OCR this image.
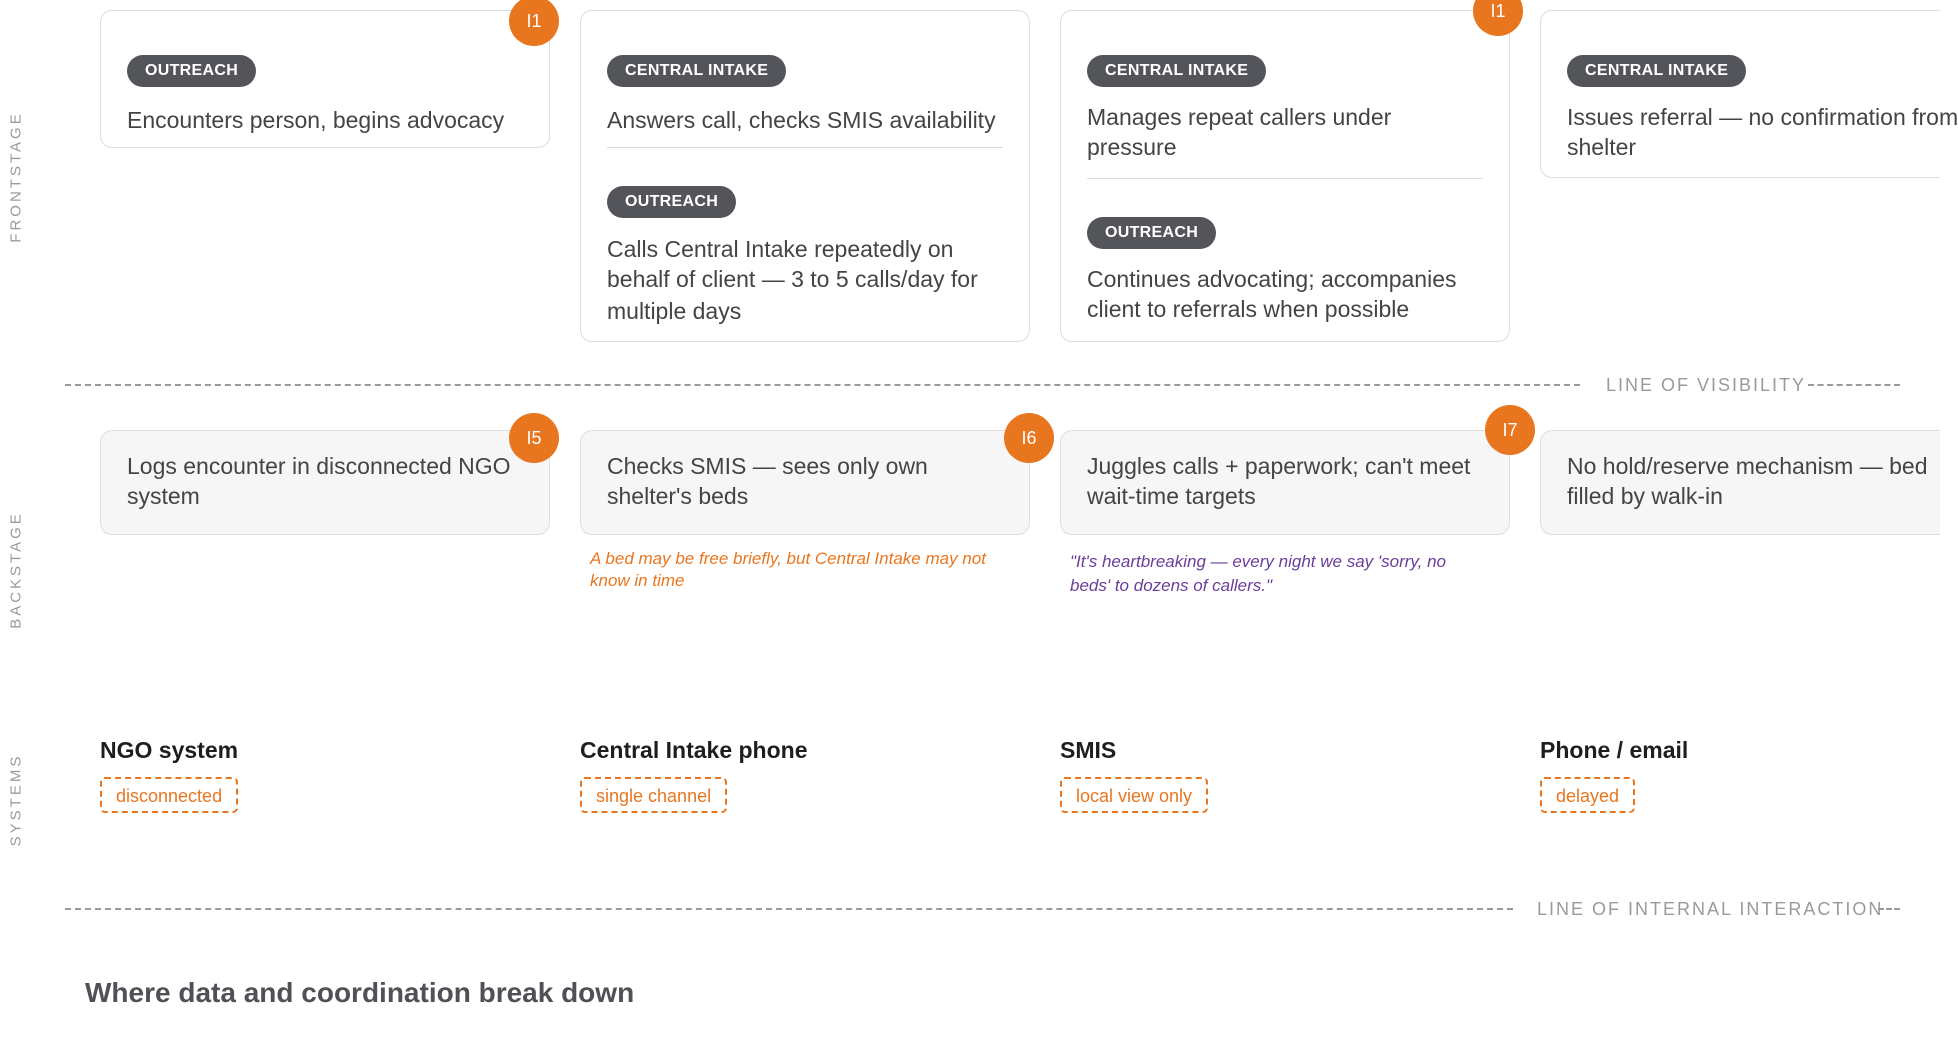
FRONTSTAGE
BACKSTAGE
SYSTEMS
OUTREACH
Encounters person, begins advocacy
I1
CENTRAL INTAKE
Answers call, checks SMIS availability
OUTREACH
Calls Central Intake repeatedly on
behalf of client — 3 to 5 calls/day for
multiple days
CENTRAL INTAKE
Manages repeat callers under
pressure
OUTREACH
Continues advocating; accompanies
client to referrals when possible
I1
CENTRAL INTAKE
Issues referral — no confirmation from
shelter
LINE OF VISIBILITY
Logs encounter in disconnected NGO
system
I5
Checks SMIS — sees only own
shelter's beds
I6
A bed may be free briefly, but Central Intake may not
know in time
Juggles calls + paperwork; can't meet
wait-time targets
I7
"It's heartbreaking — every night we say 'sorry, no
beds' to dozens of callers."
No hold/reserve mechanism — bed
filled by walk-in
NGO system
disconnected
Central Intake phone
single channel
SMIS
local view only
Phone / email
delayed
LINE OF INTERNAL INTERACTION
Where data and coordination break down
